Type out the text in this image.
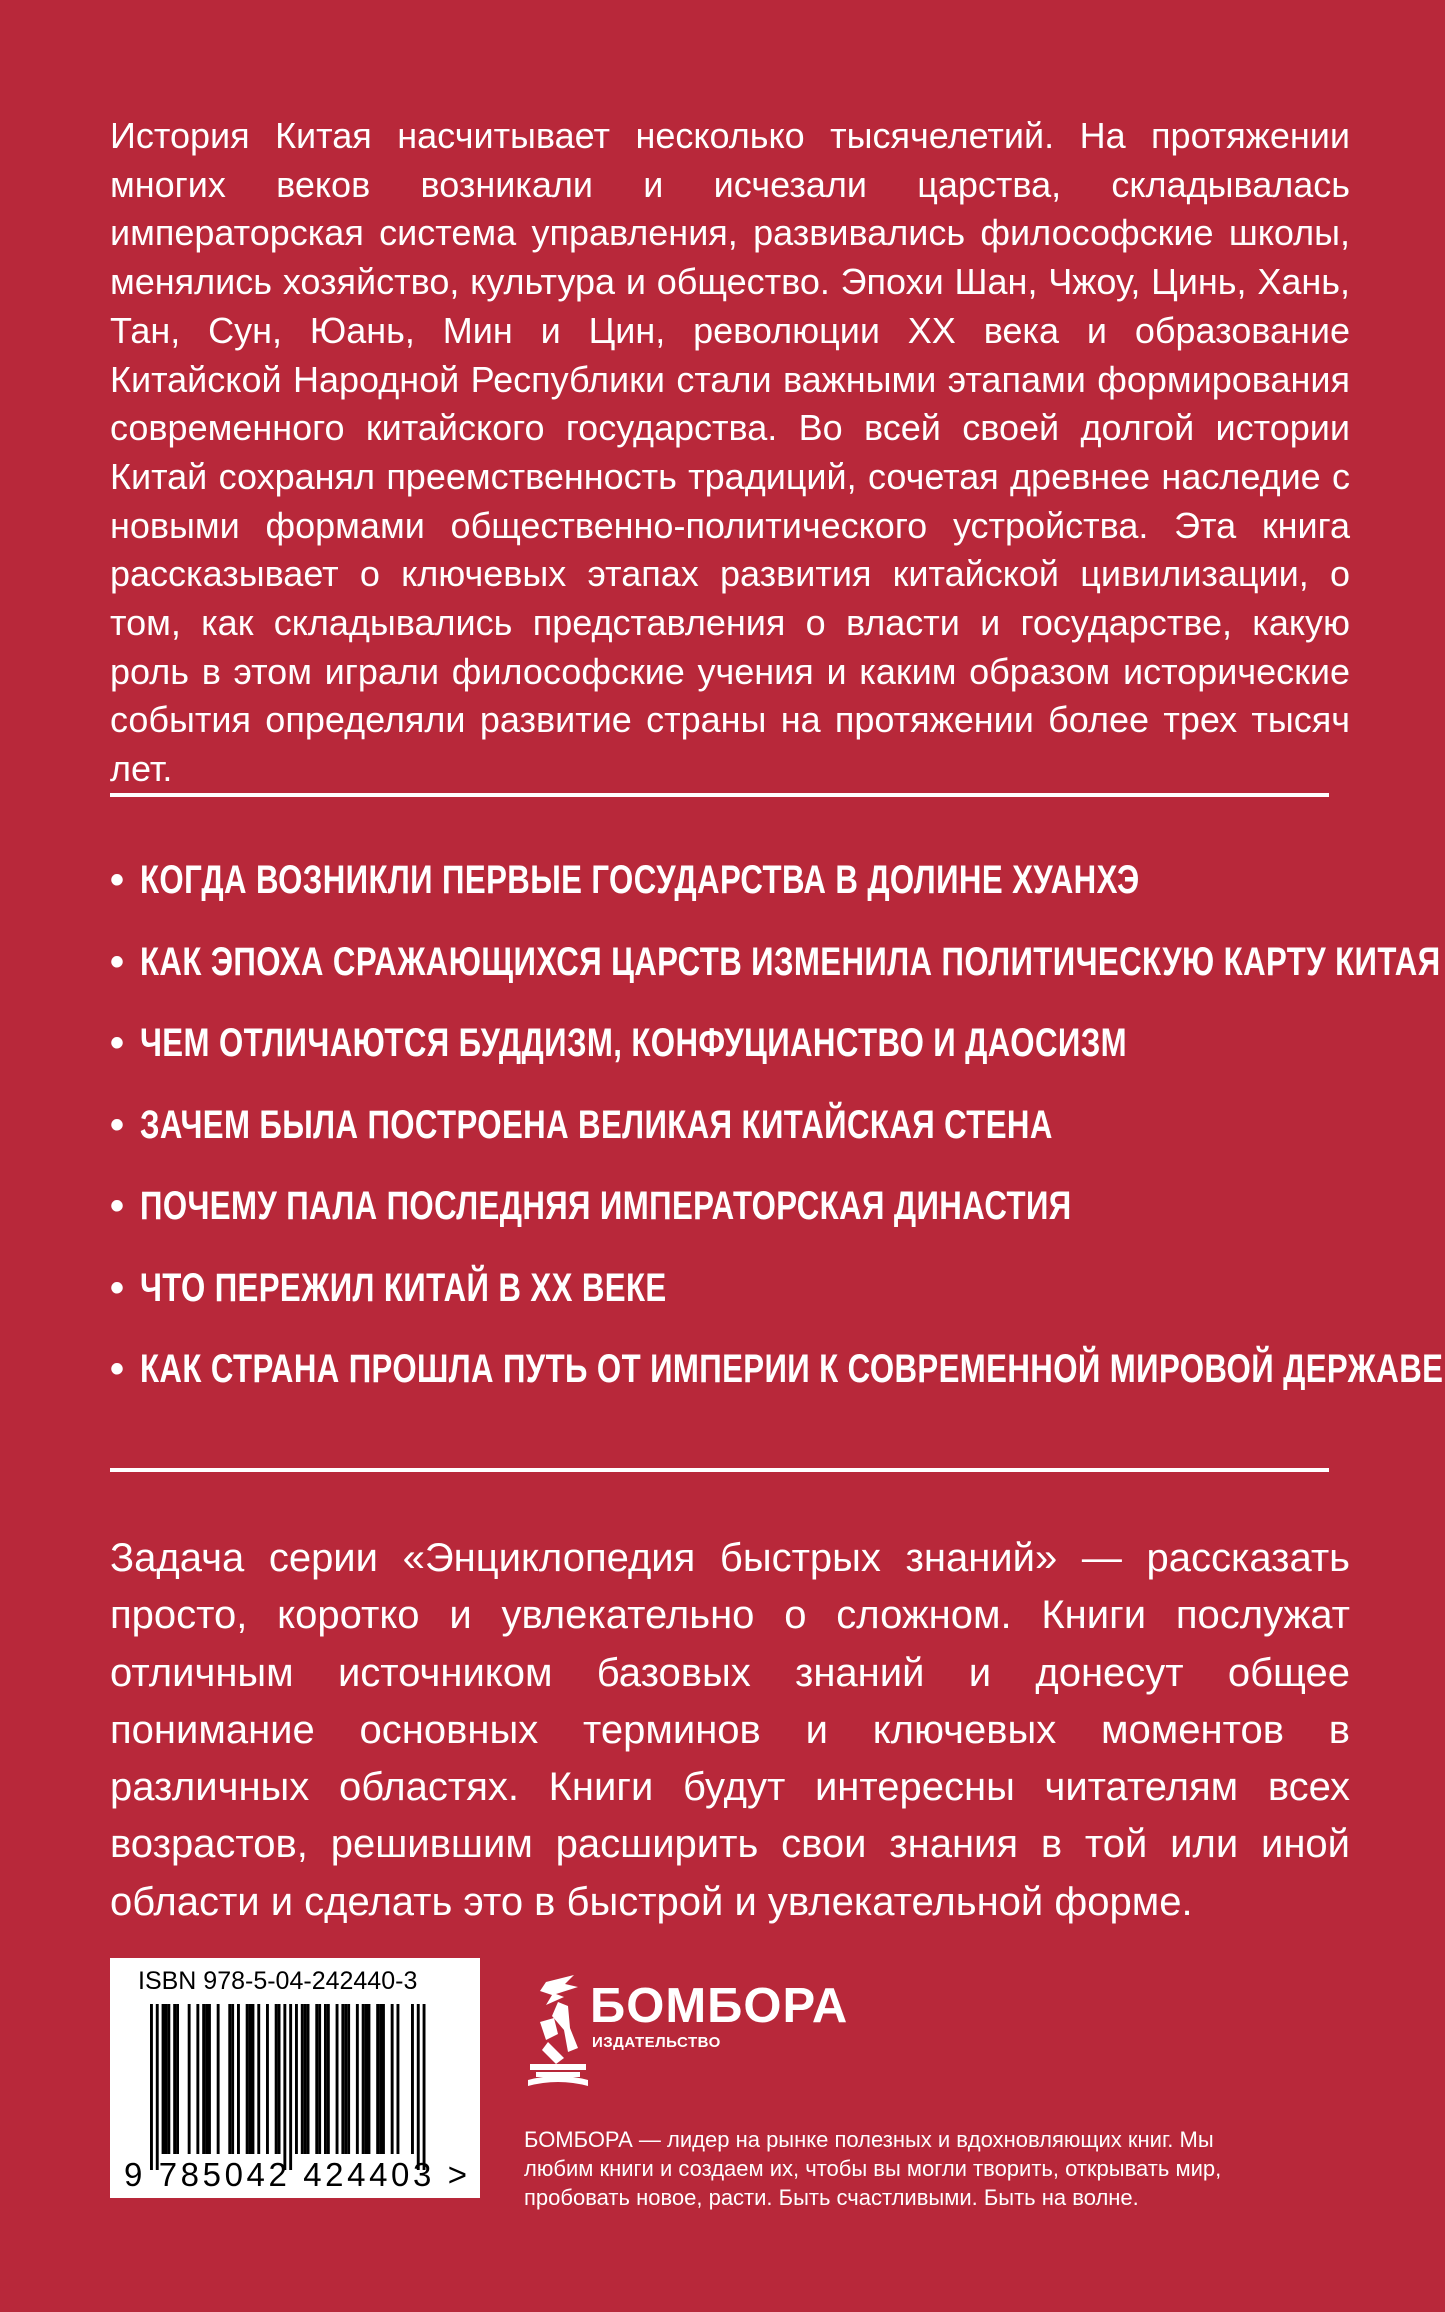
История Китая насчитывает несколько тысячелетий. На протяжении многих веков возникали и исчезали царства, складывалась императорская система управления, развивались философские школы, менялись хозяйство, культура и общество. Эпохи Шан, Чжоу, Цинь, Хань, Тан, Сун, Юань, Мин и Цин, революции XX века и образование Китайской Народной Республики стали важными этапами формирования современного китайского государства. Во всей своей долгой истории Китай сохранял преемственность традиций, сочетая древнее наследие с новыми формами общественно-политического устройства. Эта книга рассказывает о ключевых этапах развития китайской цивилизации, о том, как складывались представления о власти и государстве, какую роль в этом играли философские учения и каким образом исторические события определяли развитие страны на протяжении более трех тысяч лет.

• КОГДА ВОЗНИКЛИ ПЕРВЫЕ ГОСУДАРСТВА В ДОЛИНЕ ХУАНХЭ
• КАК ЭПОХА СРАЖАЮЩИХСЯ ЦАРСТВ ИЗМЕНИЛА ПОЛИТИЧЕСКУЮ КАРТУ КИТАЯ
• ЧЕМ ОТЛИЧАЮТСЯ БУДДИЗМ, КОНФУЦИАНСТВО И ДАОСИЗМ
• ЗАЧЕМ БЫЛА ПОСТРОЕНА ВЕЛИКАЯ КИТАЙСКАЯ СТЕНА
• ПОЧЕМУ ПАЛА ПОСЛЕДНЯЯ ИМПЕРАТОРСКАЯ ДИНАСТИЯ
• ЧТО ПЕРЕЖИЛ КИТАЙ В XX ВЕКЕ
• КАК СТРАНА ПРОШЛА ПУТЬ ОТ ИМПЕРИИ К СОВРЕМЕННОЙ МИРОВОЙ ДЕРЖАВЕ

Задача серии «Энциклопедия быстрых знаний» — рассказать просто, коротко и увлекательно о сложном. Книги послужат отличным источником базовых знаний и донесут общее понимание основных терминов и ключевых моментов в различных областях. Книги будут интересны читателям всех возрастов, решившим расширить свои знания в той или иной области и сделать это в быстрой и увлекательной форме.

ISBN 978-5-04-242440-3

9 785042 424403 >

БОМБОРА

ИЗДАТЕЛЬСТВО

БОМБОРА — лидер на рынке полезных и вдохновляющих книг. Мы любим книги и создаем их, чтобы вы могли творить, открывать мир, пробовать новое, расти. Быть счастливыми. Быть на волне.
